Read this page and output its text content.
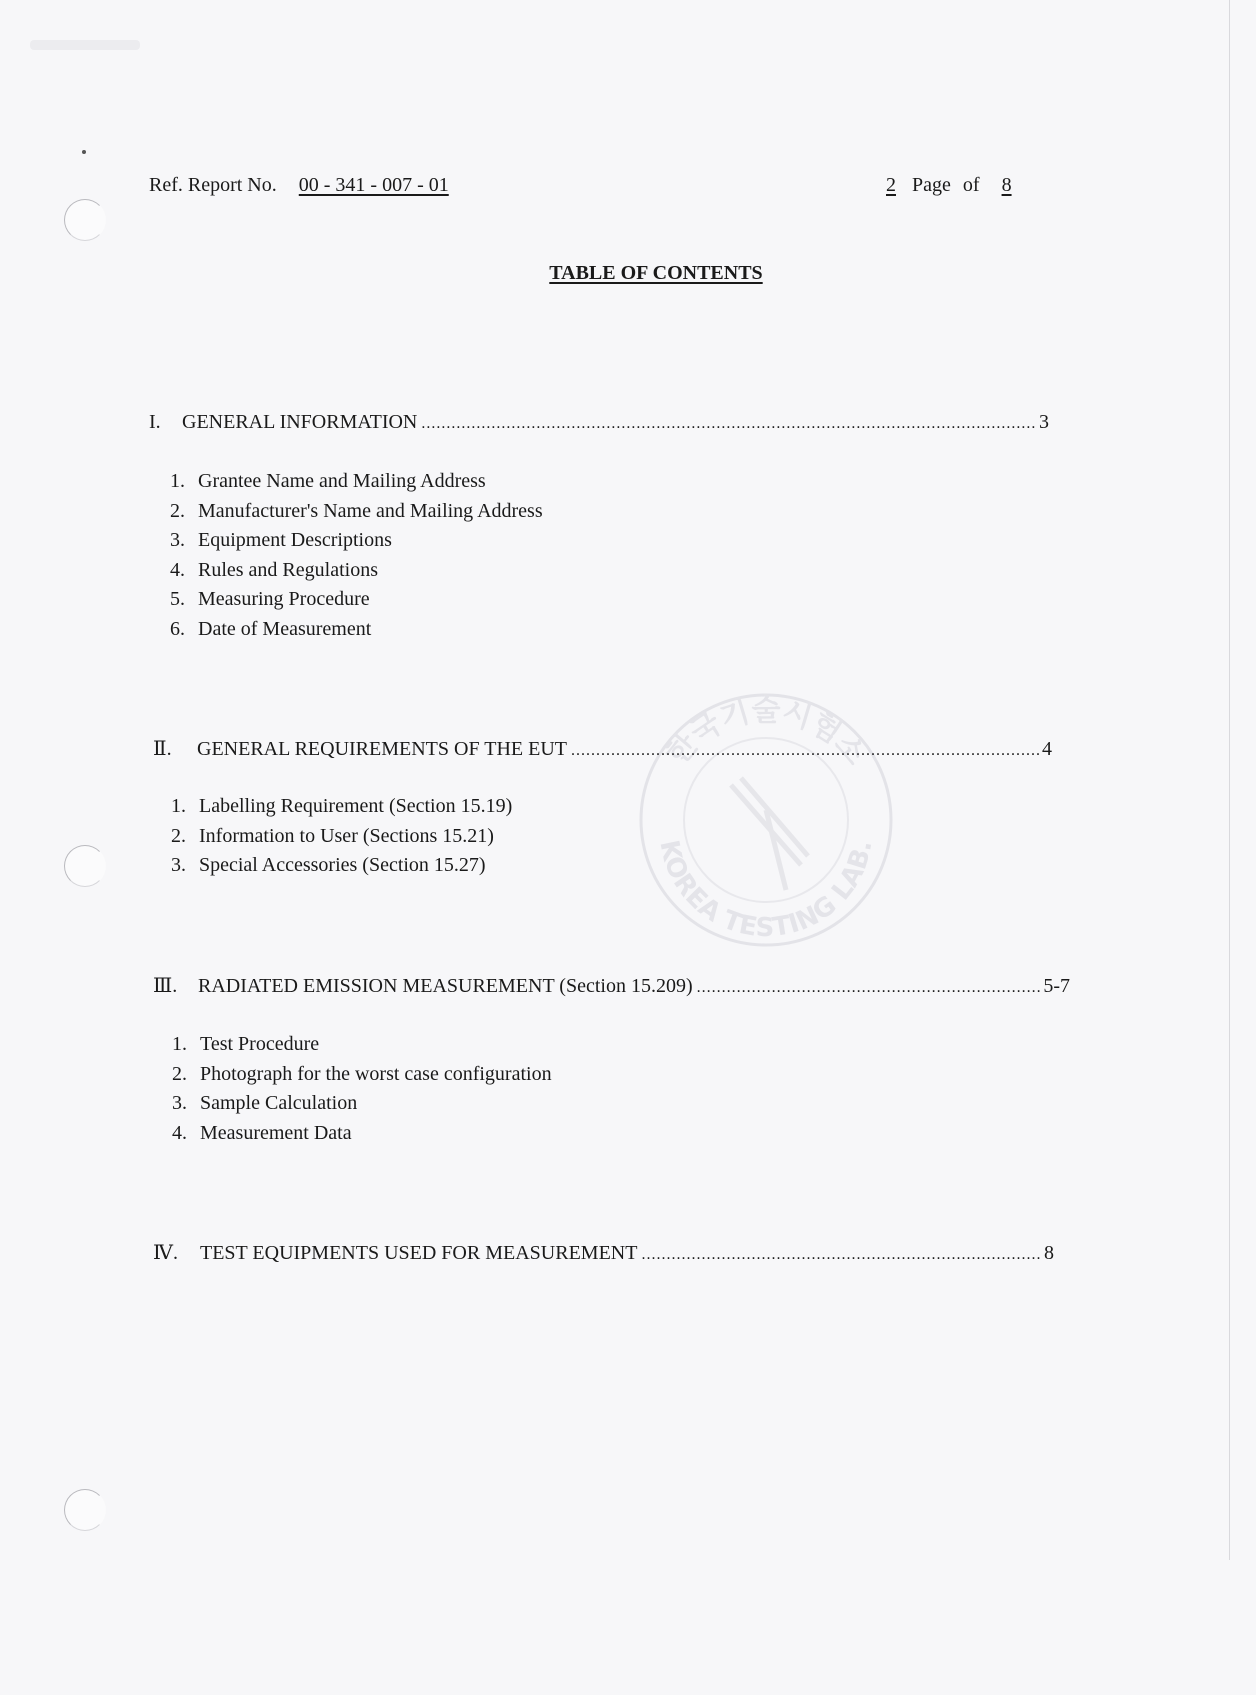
한국기술시험소
KOREA TESTING LAB.
Ref. Report No. 00 - 341 - 007 - 01	2 Page of 8
TABLE OF CONTENTS
I.	GENERAL INFORMATION .....	3
1. Grantee Name and Mailing Address
2. Manufacturer's Name and Mailing Address
3. Equipment Descriptions
4. Rules and Regulations
5. Measuring Procedure
6. Date of Measurement
Ⅱ.	GENERAL REQUIREMENTS OF THE EUT .....	4
1. Labelling Requirement (Section 15.19)
2. Information to User (Sections 15.21)
3. Special Accessories (Section 15.27)
Ⅲ.	RADIATED EMISSION MEASUREMENT (Section 15.209) .....	5-7
1. Test Procedure
2. Photograph for the worst case configuration
3. Sample Calculation
4. Measurement Data
Ⅳ.	TEST EQUIPMENTS USED FOR MEASUREMENT .....	8
